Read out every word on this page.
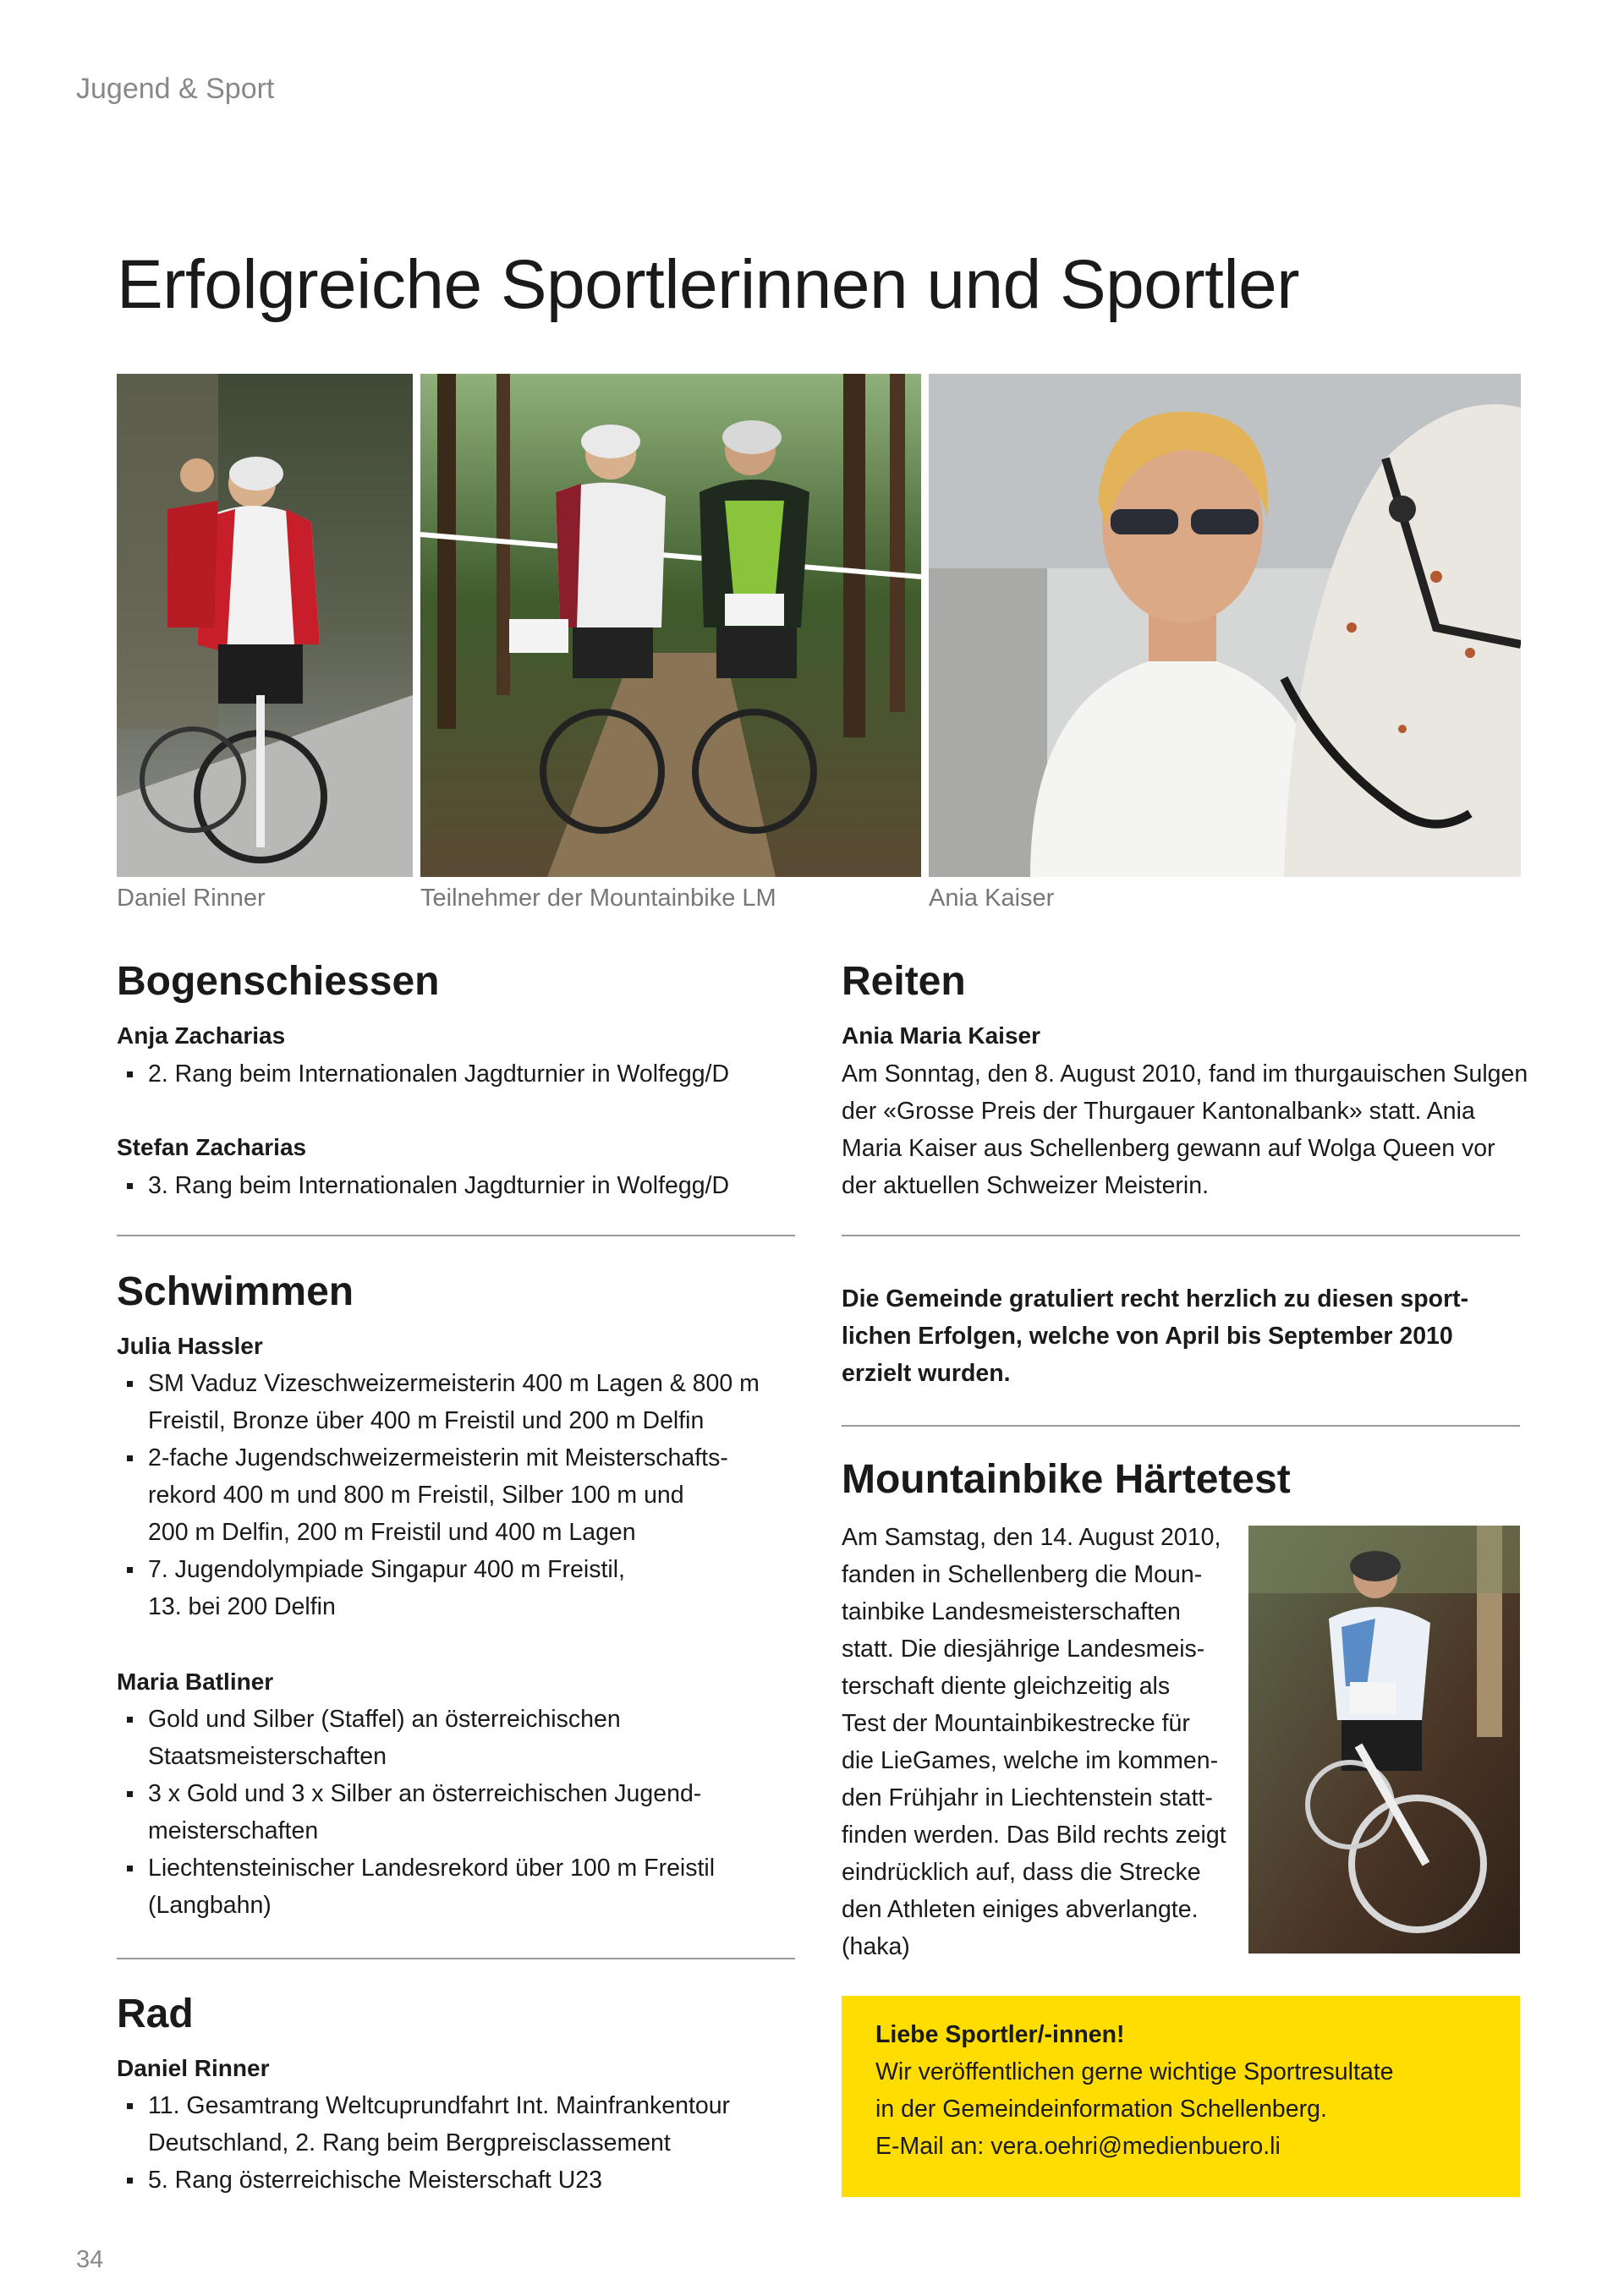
Jugend & Sport
Erfolgreiche Sportlerinnen und Sportler
Daniel Rinner	Teilnehmer der Mountainbike LM	Ania Kaiser
Bogenschiessen
Anja Zacharias
2. Rang beim Internationalen Jagdturnier in Wolfegg/D
Stefan Zacharias
3. Rang beim Internationalen Jagdturnier in Wolfegg/D
Schwimmen
Julia Hassler
SM Vaduz Vizeschweizermeisterin 400 m Lagen & 800 m
Freistil, Bronze über 400 m Freistil und 200 m Delfin
2-fache Jugendschweizermeisterin mit Meisterschafts-
rekord 400 m und 800 m Freistil, Silber 100 m und
200 m Delfin, 200 m Freistil und 400 m Lagen
7. Jugendolympiade Singapur 400 m Freistil,
13. bei 200 Delfin
Maria Batliner
Gold und Silber (Staffel) an österreichischen
Staatsmeisterschaften
3 x Gold und 3 x Silber an österreichischen Jugend-
meisterschaften
Liechtensteinischer Landesrekord über 100 m Freistil
(Langbahn)
Rad
Daniel Rinner
11. Gesamtrang Weltcuprundfahrt Int. Mainfrankentour
Deutschland, 2. Rang beim Bergpreisclassement
5. Rang österreichische Meisterschaft U23
Reiten
Ania Maria Kaiser
Am Sonntag, den 8. August 2010, fand im thurgauischen Sulgen
der «Grosse Preis der Thurgauer Kantonalbank» statt. Ania
Maria Kaiser aus Schellenberg gewann auf Wolga Queen vor
der aktuellen Schweizer Meisterin.
Die Gemeinde gratuliert recht herzlich zu diesen sport-
lichen Erfolgen, welche von April bis September 2010
erzielt wurden.
Mountainbike Härtetest
Am Samstag, den 14. August 2010,
fanden in Schellenberg die Moun-
tainbike Landesmeisterschaften
statt. Die diesjährige Landesmeis-
terschaft diente gleichzeitig als
Test der Mountainbikestrecke für
die LieGames, welche im kommen-
den Frühjahr in Liechtenstein statt-
finden werden. Das Bild rechts zeigt
eindrücklich auf, dass die Strecke
den Athleten einiges abverlangte.
(haka)
Liebe Sportler/-innen!
Wir veröffentlichen gerne wichtige Sportresultate
in der Gemeindeinformation Schellenberg.
E-Mail an: vera.oehri@medienbuero.li
34
